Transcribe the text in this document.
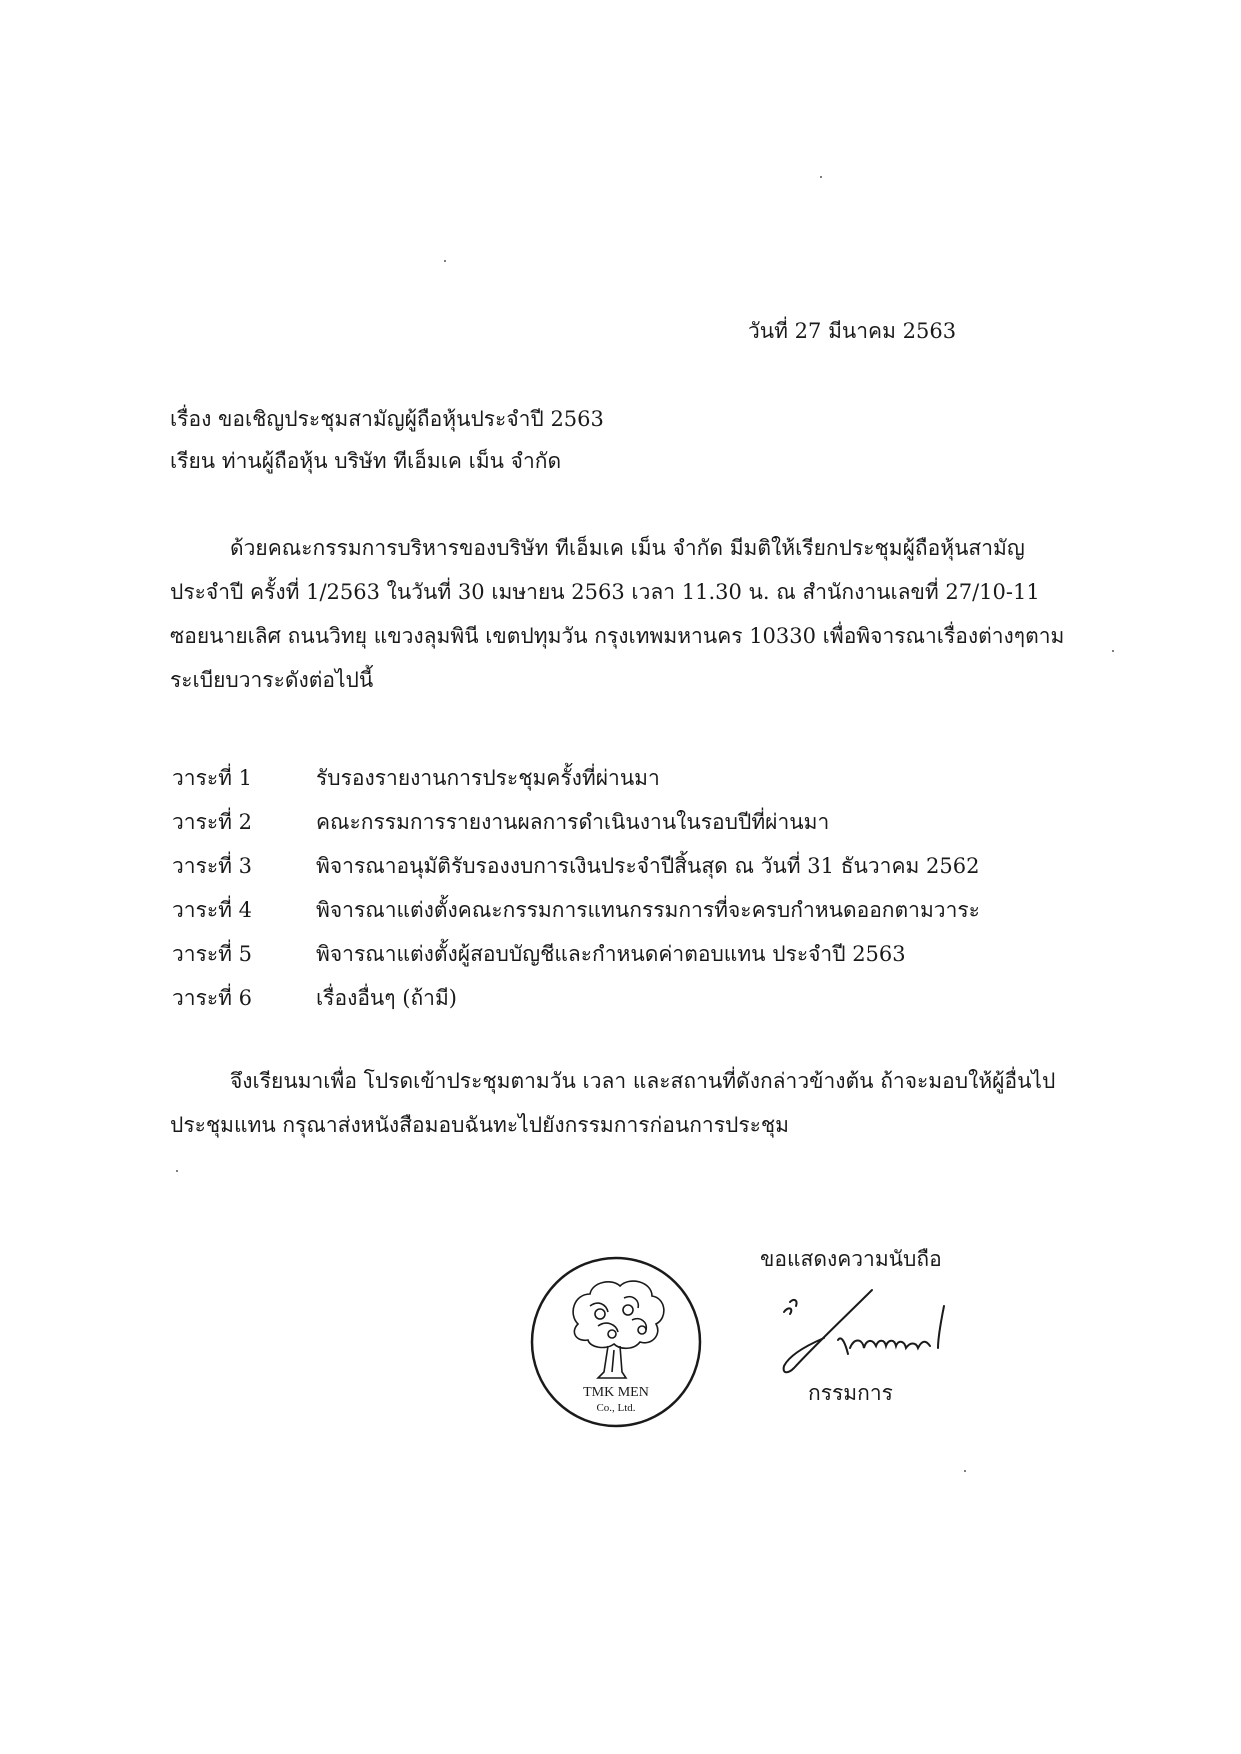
วันที่ 27 มีนาคม 2563
เรื่อง ขอเชิญประชุมสามัญผู้ถือหุ้นประจำปี 2563
เรียน ท่านผู้ถือหุ้น บริษัท ทีเอ็มเค เม็น จำกัด
ด้วยคณะกรรมการบริหารของบริษัท ทีเอ็มเค เม็น จำกัด มีมติให้เรียกประชุมผู้ถือหุ้นสามัญ
ประจำปี ครั้งที่ 1/2563 ในวันที่ 30 เมษายน 2563 เวลา 11.30 น. ณ สำนักงานเลขที่ 27/10-11
ซอยนายเลิศ ถนนวิทยุ แขวงลุมพินี เขตปทุมวัน กรุงเทพมหานคร 10330 เพื่อพิจารณาเรื่องต่างๆตาม
ระเบียบวาระดังต่อไปนี้
วาระที่ 1	รับรองรายงานการประชุมครั้งที่ผ่านมา
วาระที่ 2	คณะกรรมการรายงานผลการดำเนินงานในรอบปีที่ผ่านมา
วาระที่ 3	พิจารณาอนุมัติรับรองงบการเงินประจำปีสิ้นสุด ณ วันที่ 31 ธันวาคม 2562
วาระที่ 4	พิจารณาแต่งตั้งคณะกรรมการแทนกรรมการที่จะครบกำหนดออกตามวาระ
วาระที่ 5	พิจารณาแต่งตั้งผู้สอบบัญชีและกำหนดค่าตอบแทน ประจำปี 2563
วาระที่ 6	เรื่องอื่นๆ (ถ้ามี)
จึงเรียนมาเพื่อ โปรดเข้าประชุมตามวัน เวลา และสถานที่ดังกล่าวข้างต้น ถ้าจะมอบให้ผู้อื่นไป
ประชุมแทน กรุณาส่งหนังสือมอบฉันทะไปยังกรรมการก่อนการประชุม
ขอแสดงความนับถือ
TMK MEN
Co., Ltd.
กรรมการ
